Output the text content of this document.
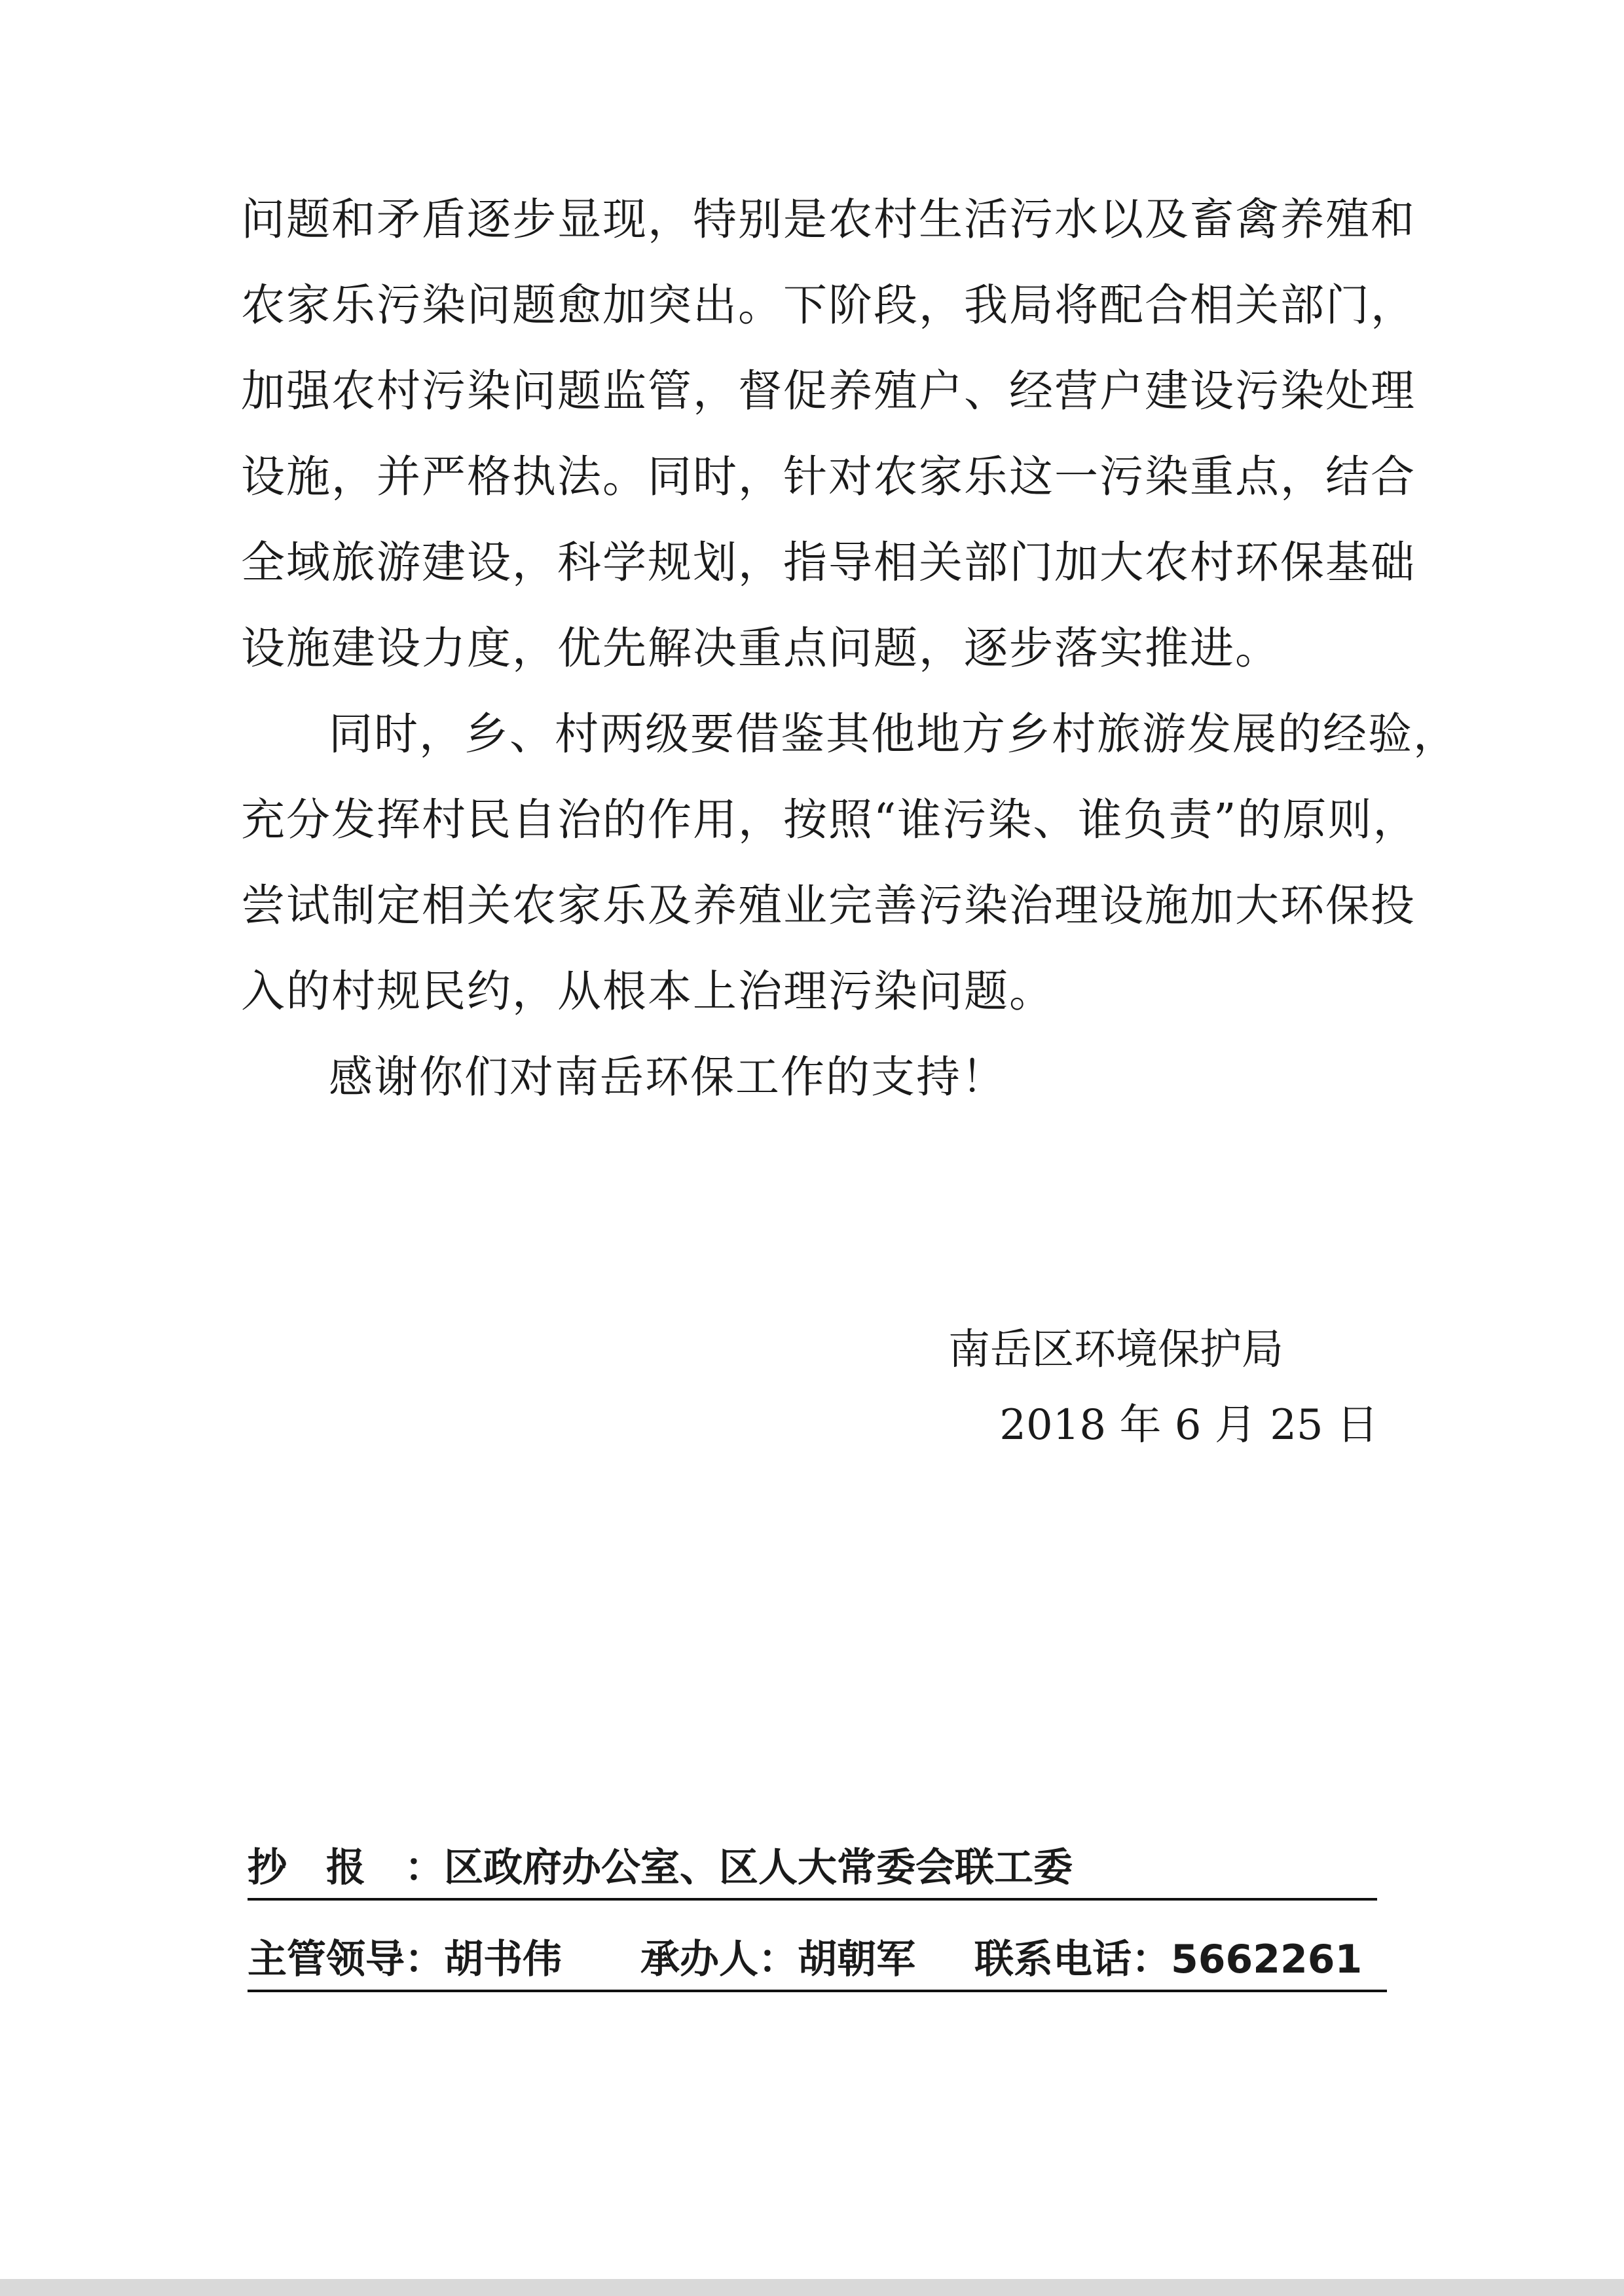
问题和矛盾逐步显现，特别是农村生活污水以及畜禽养殖和
农家乐污染问题愈加突出。下阶段，我局将配合相关部门，
加强农村污染问题监管，督促养殖户、经营户建设污染处理
设施，并严格执法。同时，针对农家乐这一污染重点，结合
全域旅游建设，科学规划，指导相关部门加大农村环保基础
设施建设力度，优先解决重点问题，逐步落实推进。
同时，乡、村两级要借鉴其他地方乡村旅游发展的经验，
充分发挥村民自治的作用，按照“谁污染、谁负责”的原则，
尝试制定相关农家乐及养殖业完善污染治理设施加大环保投
入的村规民约，从根本上治理污染问题。
感谢你们对南岳环保工作的支持！
南岳区环境保护局
2018 年 6 月 25 日
抄报：区政府办公室、区人大常委会联工委
主管领导：胡书伟 承办人：胡朝军 联系电话：5662261
